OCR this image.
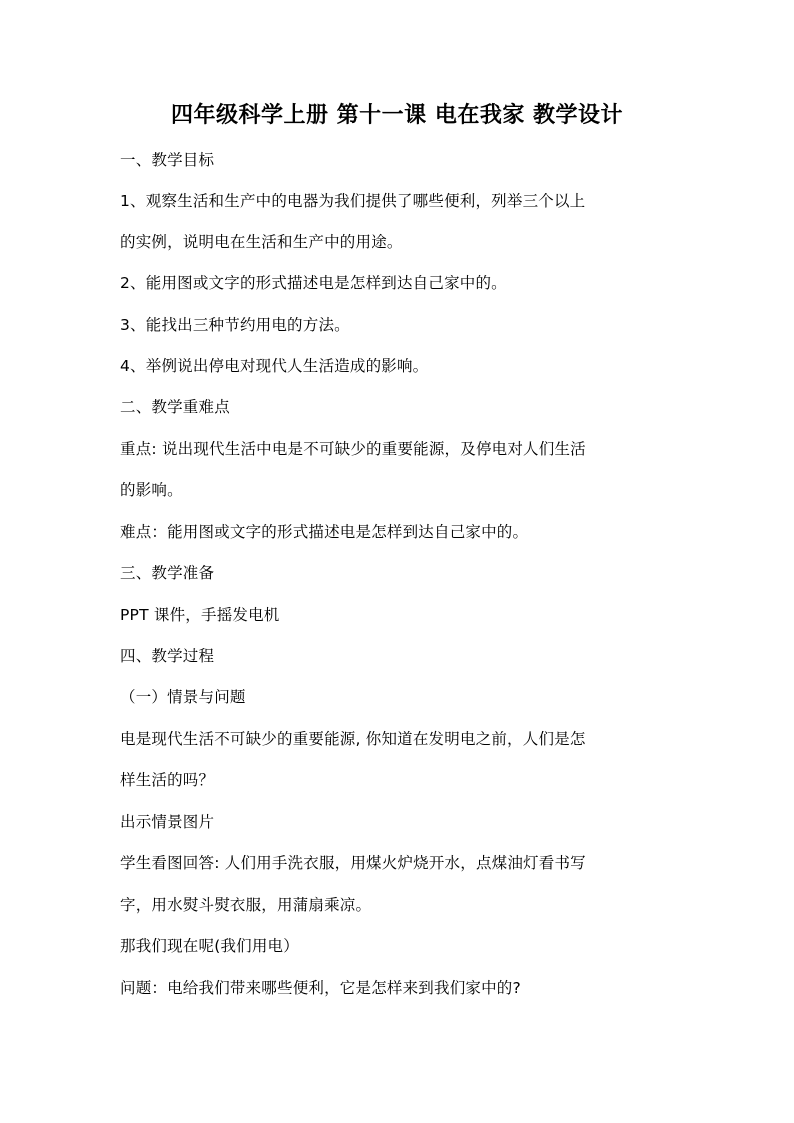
四年级科学上册 第十一课 电在我家 教学设计
一、教学目标
1、观察生活和生产中的电器为我们提供了哪些便利，列举三个以上
的实例，说明电在生活和生产中的用途。
2、能用图或文字的形式描述电是怎样到达自己家中的。
3、能找出三种节约用电的方法。
4、举例说出停电对现代人生活造成的影响。
二、教学重难点
重点: 说出现代生活中电是不可缺少的重要能源，及停电对人们生活
的影响。
难点：能用图或文字的形式描述电是怎样到达自己家中的。
三、教学准备
PPT 课件，手摇发电机
四、教学过程
（一）情景与问题
电是现代生活不可缺少的重要能源, 你知道在发明电之前，人们是怎
样生活的吗？
出示情景图片
学生看图回答: 人们用手洗衣服，用煤火炉烧开水，点煤油灯看书写
字，用水熨斗熨衣服，用蒲扇乘凉。
那我们现在呢(我们用电）
问题：电给我们带来哪些便利，它是怎样来到我们家中的?
